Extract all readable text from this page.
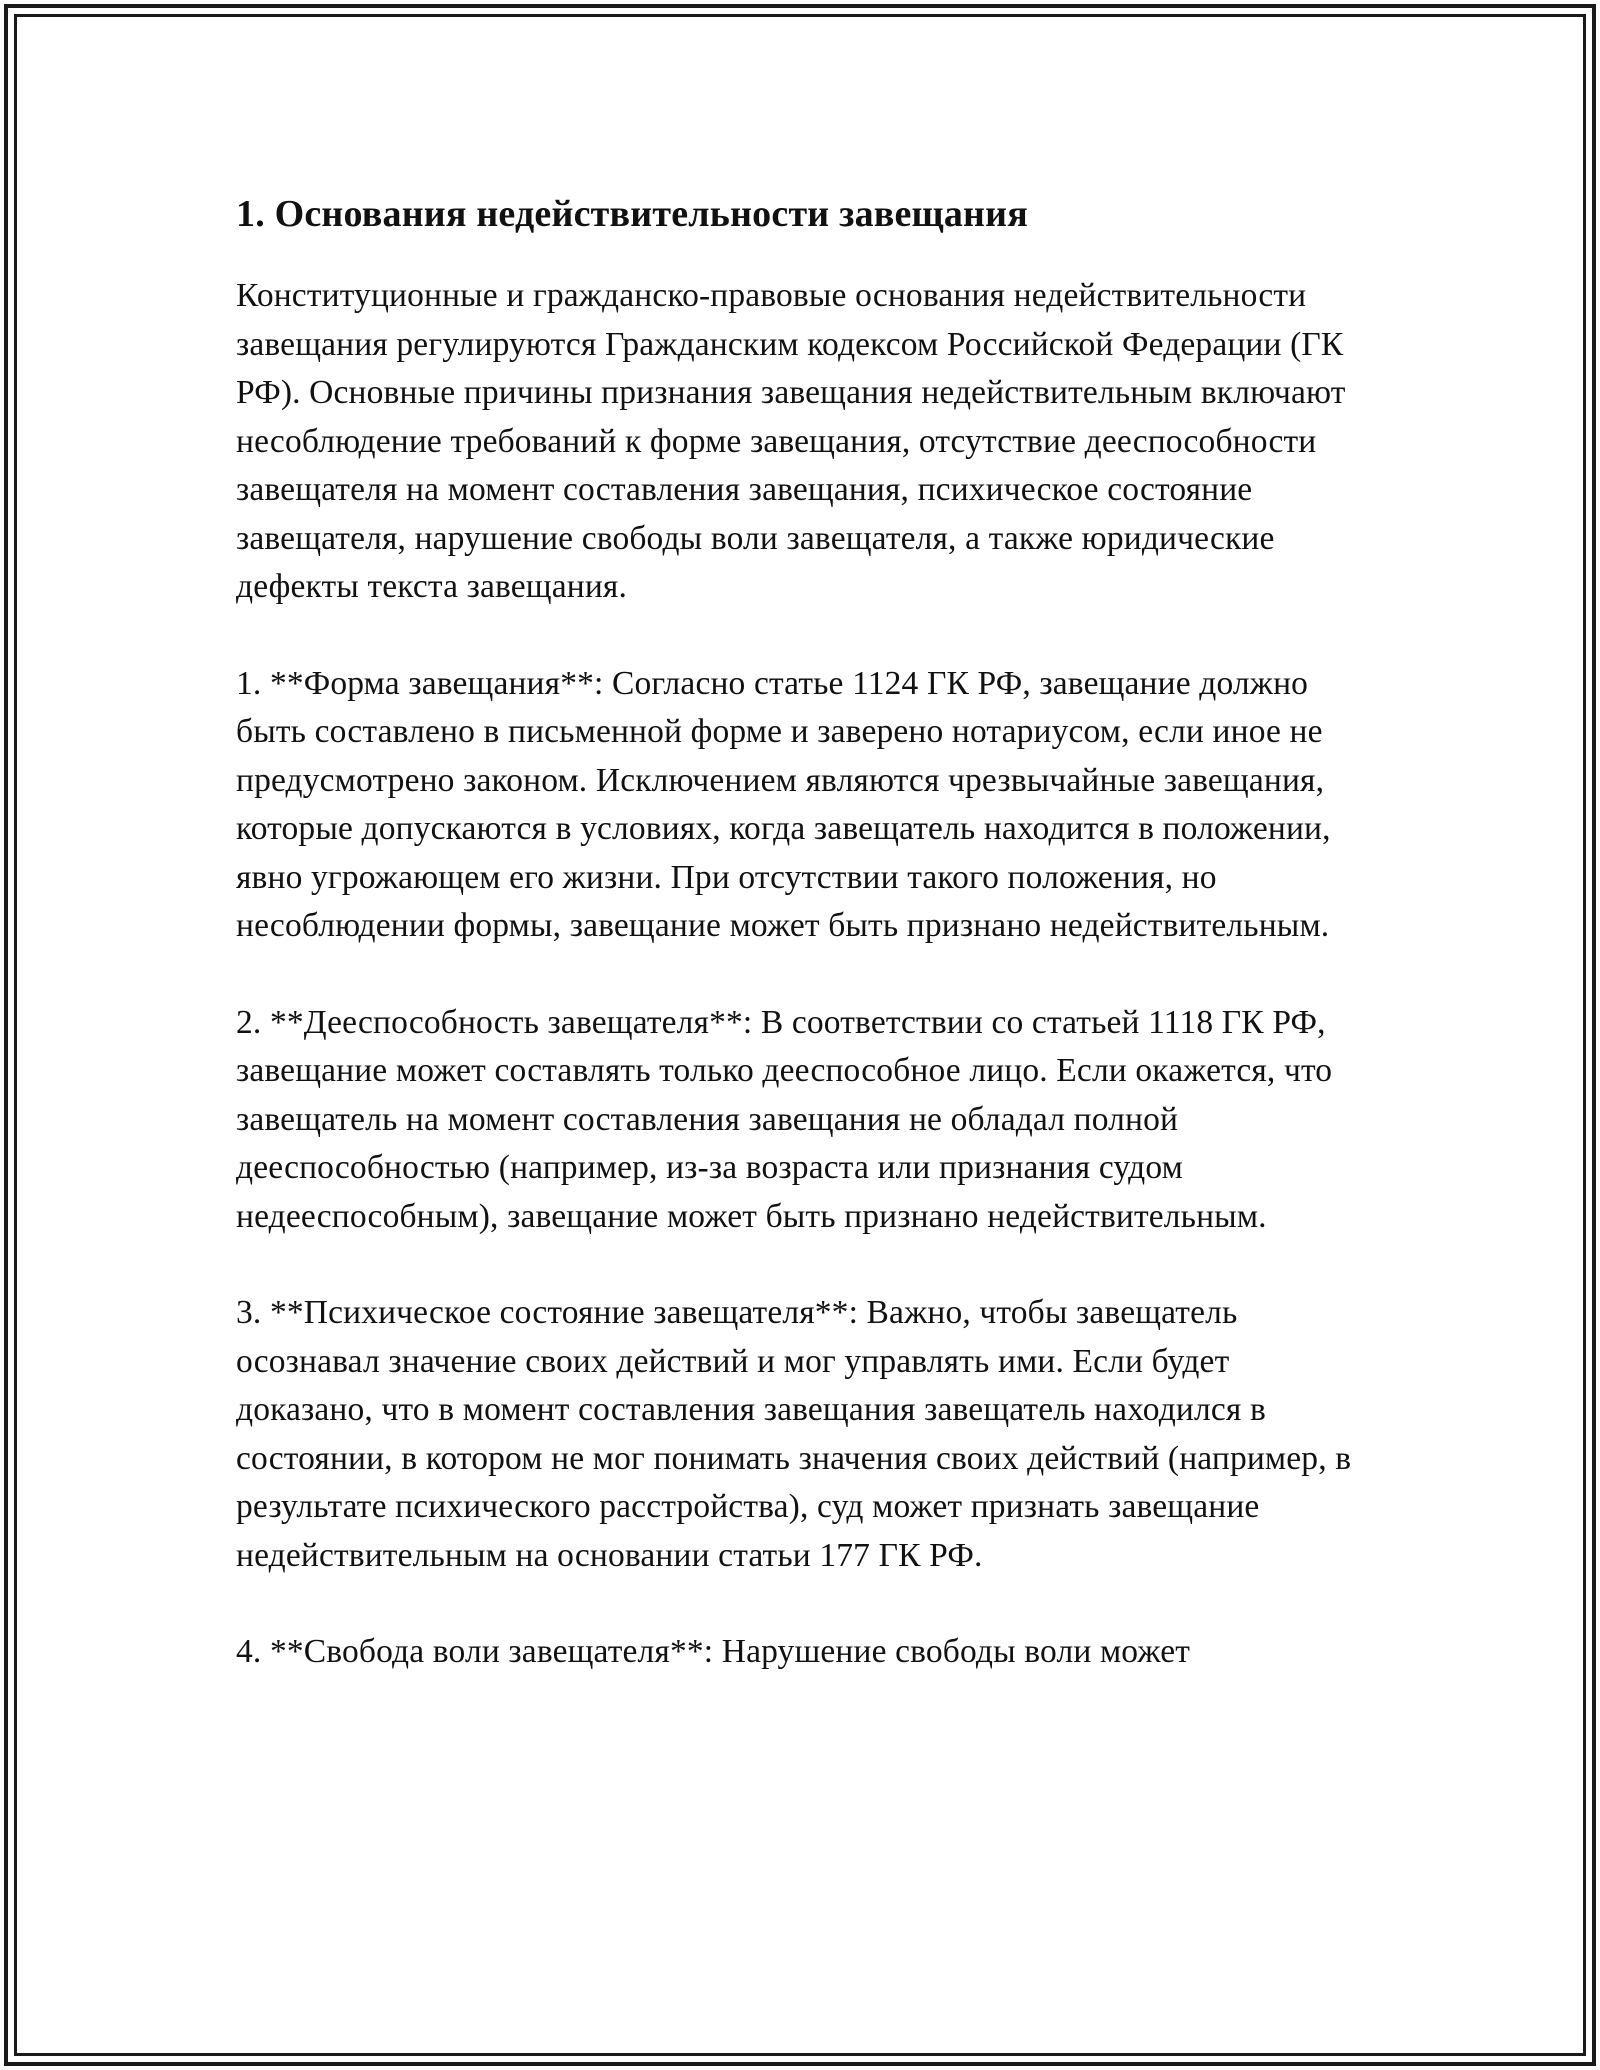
1. Основания недействительности завещания

Конституционные и гражданско-правовые основания недействительности завещания регулируются Гражданским кодексом Российской Федерации (ГК РФ). Основные причины признания завещания недействительным включают несоблюдение требований к форме завещания, отсутствие дееспособности завещателя на момент составления завещания, психическое состояние завещателя, нарушение свободы воли завещателя, а также юридические дефекты текста завещания.

1. **Форма завещания**: Согласно статье 1124 ГК РФ, завещание должно быть составлено в письменной форме и заверено нотариусом, если иное не предусмотрено законом. Исключением являются чрезвычайные завещания, которые допускаются в условиях, когда завещатель находится в положении, явно угрожающем его жизни. При отсутствии такого положения, но несоблюдении формы, завещание может быть признано недействительным.

2. **Дееспособность завещателя**: В соответствии со статьей 1118 ГК РФ, завещание может составлять только дееспособное лицо. Если окажется, что завещатель на момент составления завещания не обладал полной дееспособностью (например, из-за возраста или признания судом недееспособным), завещание может быть признано недействительным.

3. **Психическое состояние завещателя**: Важно, чтобы завещатель осознавал значение своих действий и мог управлять ими. Если будет доказано, что в момент составления завещания завещатель находился в состоянии, в котором не мог понимать значения своих действий (например, в результате психического расстройства), суд может признать завещание недействительным на основании статьи 177 ГК РФ.

4. **Свобода воли завещателя**: Нарушение свободы воли может
